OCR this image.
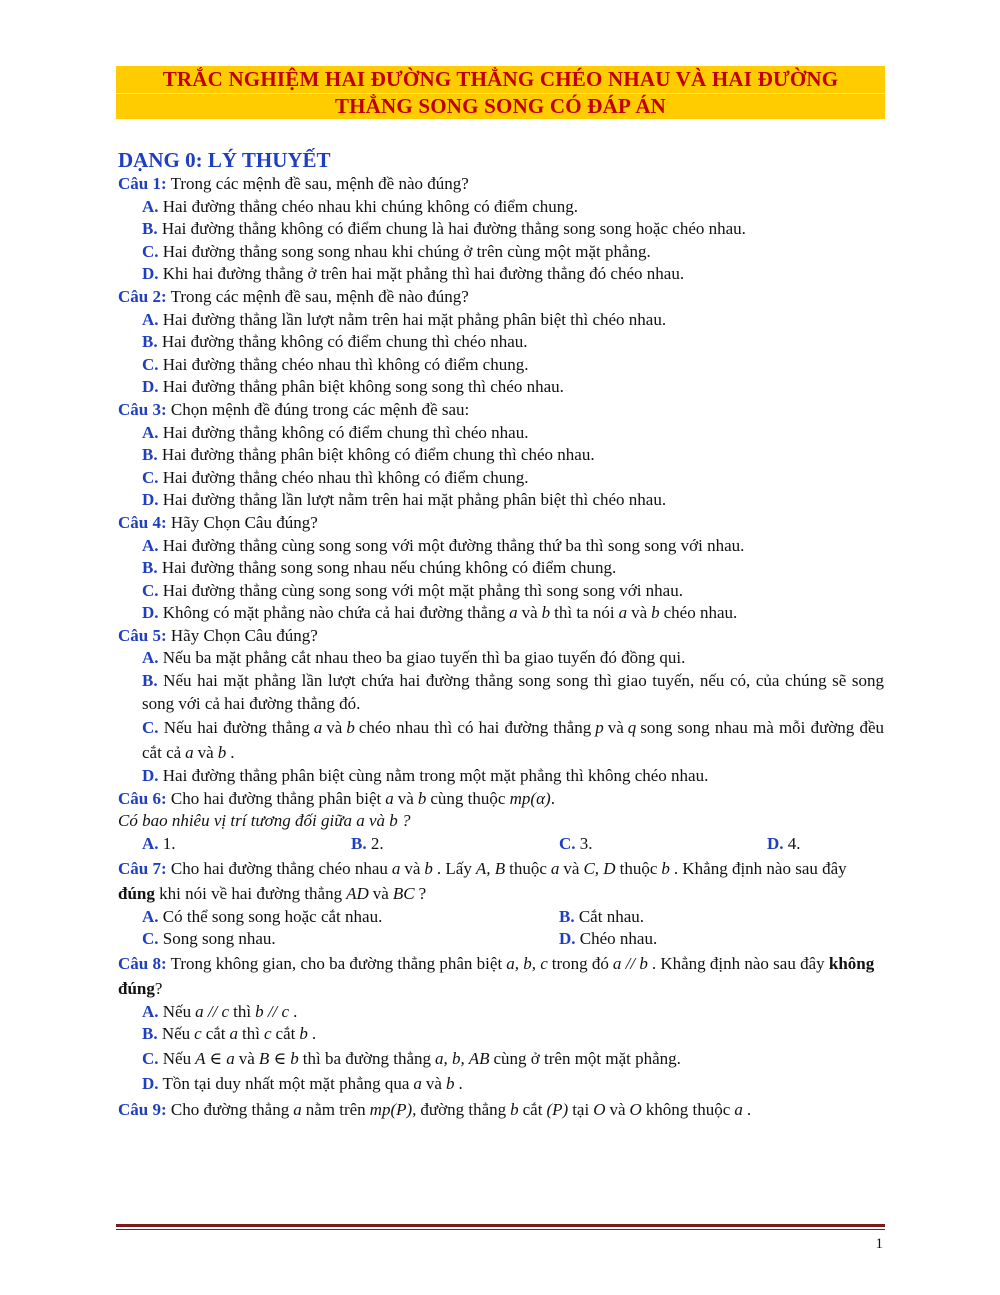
TRẮC NGHIỆM HAI ĐƯỜNG THẲNG CHÉO NHAU VÀ HAI ĐƯỜNG
THẲNG SONG SONG CÓ ĐÁP ÁN
DẠNG 0: LÝ THUYẾT
Câu 1: Trong các mệnh đề sau, mệnh đề nào đúng?
A. Hai đường thẳng chéo nhau khi chúng không có điểm chung.
B. Hai đường thẳng không có điểm chung là hai đường thẳng song song hoặc chéo nhau.
C. Hai đường thẳng song song nhau khi chúng ở trên cùng một mặt phẳng.
D. Khi hai đường thẳng ở trên hai mặt phẳng thì hai đường thẳng đó chéo nhau.
Câu 2: Trong các mệnh đề sau, mệnh đề nào đúng?
A. Hai đường thẳng lần lượt nằm trên hai mặt phẳng phân biệt thì chéo nhau.
B. Hai đường thẳng không có điểm chung thì chéo nhau.
C. Hai đường thẳng chéo nhau thì không có điểm chung.
D. Hai đường thẳng phân biệt không song song thì chéo nhau.
Câu 3: Chọn mệnh đề đúng trong các mệnh đề sau:
A. Hai đường thẳng không có điểm chung thì chéo nhau.
B. Hai đường thẳng phân biệt không có điểm chung thì chéo nhau.
C. Hai đường thẳng chéo nhau thì không có điểm chung.
D. Hai đường thẳng lần lượt nằm trên hai mặt phẳng phân biệt thì chéo nhau.
Câu 4: Hãy Chọn Câu đúng?
A. Hai đường thẳng cùng song song với một đường thẳng thứ ba thì song song với nhau.
B. Hai đường thẳng song song nhau nếu chúng không có điểm chung.
C. Hai đường thẳng cùng song song với một mặt phẳng thì song song với nhau.
D. Không có mặt phẳng nào chứa cả hai đường thẳng a và b thì ta nói a và b chéo nhau.
Câu 5: Hãy Chọn Câu đúng?
A. Nếu ba mặt phẳng cắt nhau theo ba giao tuyến thì ba giao tuyến đó đồng qui.
B. Nếu hai mặt phẳng lần lượt chứa hai đường thẳng song song thì giao tuyến, nếu có, của chúng sẽ song song với cả hai đường thẳng đó.
C. Nếu hai đường thẳng a và b chéo nhau thì có hai đường thẳng p và q song song nhau mà mỗi đường đều cắt cả a và b .
D. Hai đường thẳng phân biệt cùng nằm trong một mặt phẳng thì không chéo nhau.
Câu 6: Cho hai đường thẳng phân biệt a và b cùng thuộc mp(α).
Có bao nhiêu vị trí tương đối giữa a và b ?
A. 1.	B. 2.	C. 3.	D. 4.
Câu 7: Cho hai đường thẳng chéo nhau a và b . Lấy A, B thuộc a và C, D thuộc b . Khẳng định nào sau đây đúng khi nói về hai đường thẳng AD và BC ?
A. Có thể song song hoặc cắt nhau.	B. Cắt nhau.
C. Song song nhau.	D. Chéo nhau.
Câu 8: Trong không gian, cho ba đường thẳng phân biệt a, b, c trong đó a // b . Khẳng định nào sau đây không đúng?
A. Nếu a // c thì b // c .
B. Nếu c cắt a thì c cắt b .
C. Nếu A ∈ a và B ∈ b thì ba đường thẳng a, b, AB cùng ở trên một mặt phẳng.
D. Tồn tại duy nhất một mặt phẳng qua a và b .
Câu 9: Cho đường thẳng a nằm trên mp(P), đường thẳng b cắt (P) tại O và O không thuộc a .
1
